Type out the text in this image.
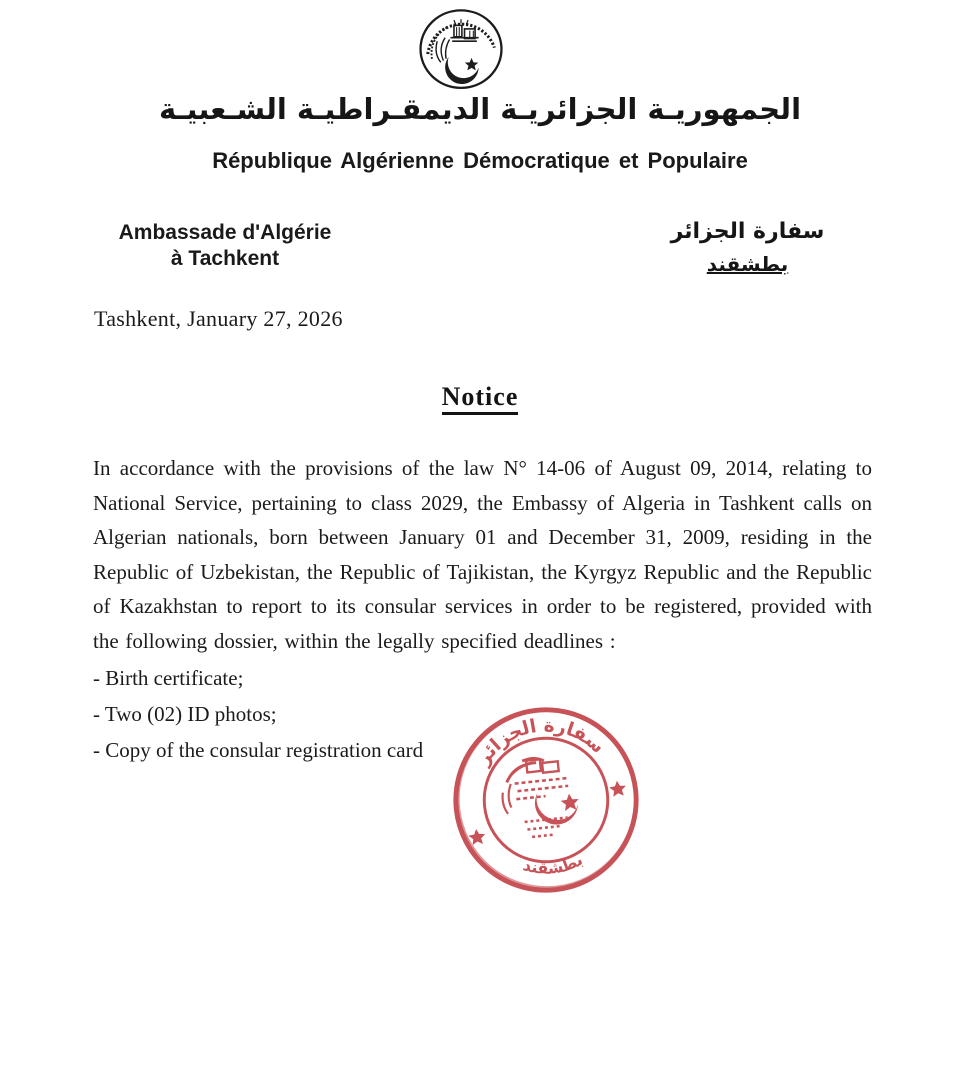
الجمهوريـة الجزائريـة الديمقـراطيـة الشـعبيـة
République Algérienne Démocratique et Populaire
Ambassade d'Algérie
à Tachkent
سفارة الجزائر
بطشقند
Tashkent, January 27, 2026
Notice

In accordance with the provisions of the law N° 14-06 of August 09, 2014, relating to National Service, pertaining to class 2029, the Embassy of Algeria in Tashkent calls on Algerian nationals, born between January 01 and December 31, 2009, residing in the Republic of Uzbekistan, the Republic of Tajikistan, the Kyrgyz Republic and the Republic of Kazakhstan to report to its consular services in order to be registered, provided with the following dossier, within the legally specified deadlines :

- Birth certificate;
- Two (02) ID photos;
- Copy of the consular registration card	سفارة الجزائر
بطشقند
